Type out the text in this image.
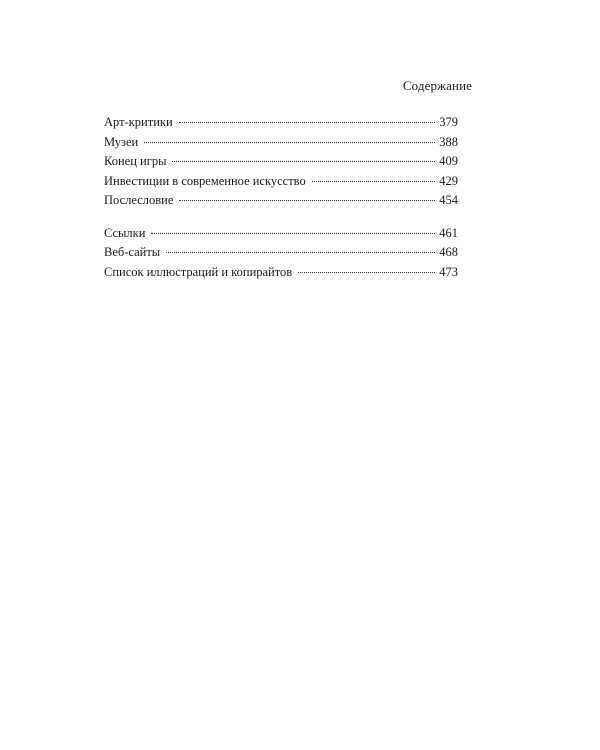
Содержание
Арт-критики	379
Музеи	388
Конец игры	409
Инвестиции в современное искусство	429
Послесловие	454
Ссылки	461
Веб-сайты	468
Список иллюстраций и копирайтов	473
